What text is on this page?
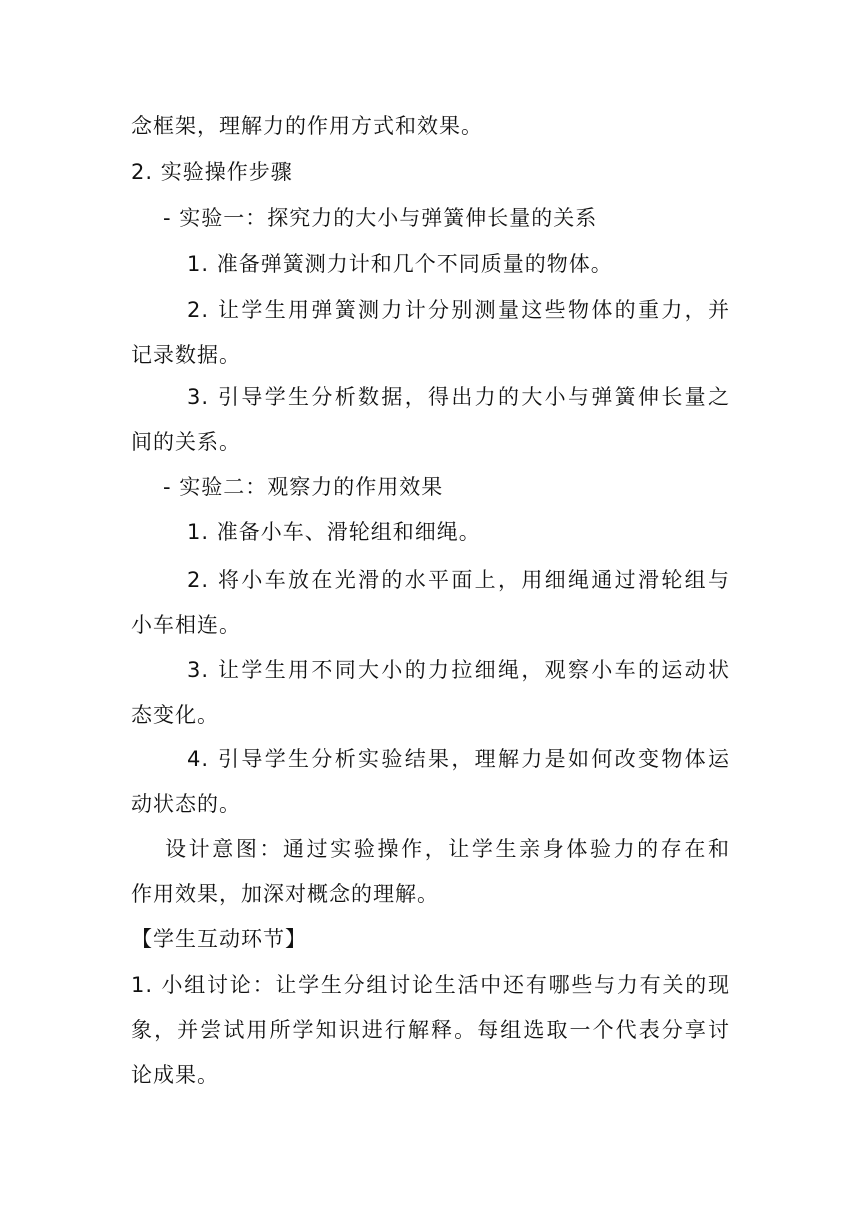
念框架，理解力的作用方式和效果。
2. 实验操作步骤
- 实验一：探究力的大小与弹簧伸长量的关系
1. 准备弹簧测力计和几个不同质量的物体。
2. 让学生用弹簧测力计分别测量这些物体的重力，并
记录数据。
3. 引导学生分析数据，得出力的大小与弹簧伸长量之
间的关系。
- 实验二：观察力的作用效果
1. 准备小车、滑轮组和细绳。
2. 将小车放在光滑的水平面上，用细绳通过滑轮组与
小车相连。
3. 让学生用不同大小的力拉细绳，观察小车的运动状
态变化。
4. 引导学生分析实验结果，理解力是如何改变物体运
动状态的。
设计意图：通过实验操作，让学生亲身体验力的存在和
作用效果，加深对概念的理解。
【学生互动环节】
1. 小组讨论：让学生分组讨论生活中还有哪些与力有关的现
象，并尝试用所学知识进行解释。每组选取一个代表分享讨
论成果。
